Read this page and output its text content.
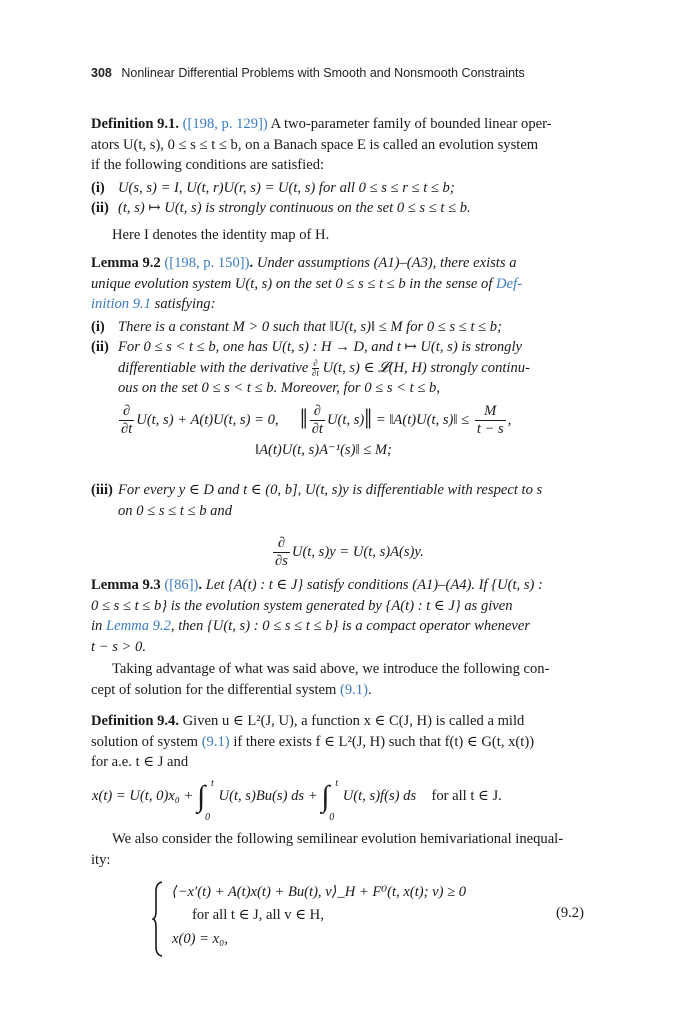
308 Nonlinear Differential Problems with Smooth and Nonsmooth Constraints
Definition 9.1. ([198, p. 129]) A two-parameter family of bounded linear oper-
ators U(t, s), 0 ≤ s ≤ t ≤ b, on a Banach space E is called an evolution system
if the following conditions are satisfied:
(i) U(s, s) = I, U(t, r)U(r, s) = U(t, s) for all 0 ≤ s ≤ r ≤ t ≤ b;
(ii) (t, s) ↦ U(t, s) is strongly continuous on the set 0 ≤ s ≤ t ≤ b.
Here I denotes the identity map of H.
Lemma 9.2 ([198, p. 150]). Under assumptions (A1)–(A3), there exists a
unique evolution system U(t, s) on the set 0 ≤ s ≤ t ≤ b in the sense of Def-
inition 9.1 satisfying:
(i) There is a constant M > 0 such that ‖U(t, s)‖ ≤ M for 0 ≤ s ≤ t ≤ b;
(ii) For 0 ≤ s < t ≤ b, one has U(t, s) : H → D, and t ↦ U(t, s) is strongly
differentiable with the derivative ∂
∂t U(t, s) ∈ 𝓛(H, H) strongly continu-
ous on the set 0 ≤ s < t ≤ b. Moreover, for 0 ≤ s < t ≤ b,
$\frac{\partial}{\partial t} U(t$, s) + A(t)U(t, s) = 0, ‖ $\frac{\partial}{\partial t} U(t$, s)‖ = ‖A(t)U(t, s)‖ ≤ $\frac{M}{t - s}$ ,
‖A(t)U(t, s)A⁻¹(s)‖ ≤ M;
(iii) For every y ∈ D and t ∈ (0, b], U(t, s)y is differentiable with respect to s
on 0 ≤ s ≤ t ≤ b and
$\frac{\partial}{\partial s} U(t$, s)y = U(t, s)A(s)y.
Lemma 9.3 ([86]). Let {A(t) : t ∈ J} satisfy conditions (A1)–(A4). If {U(t, s) :
0 ≤ s ≤ t ≤ b} is the evolution system generated by {A(t) : t ∈ J} as given
in Lemma 9.2, then {U(t, s) : 0 ≤ s ≤ t ≤ b} is a compact operator whenever
t − s > 0.
Taking advantage of what was said above, we introduce the following con-
cept of solution for the differential system (9.1).
Definition 9.4. Given u ∈ L²(J, U), a function x ∈ C(J, H) is called a mild
solution of system (9.1) if there exists f ∈ L²(J, H) such that f(t) ∈ G(t, x(t))
for a.e. t ∈ J and
x(t) = U(t, 0)x₀ + ∫ t
0
U(t, s)Bu(s) ds + ∫ t
0
U(t, s)f(s) ds for all t ∈ J.
We also consider the following semilinear evolution hemivariational inequal-
ity:
⟨−x′(t) + A(t)x(t) + Bu(t), v⟩_H + F⁰(t, x(t); v) ≥ 0
for all t ∈ J, all v ∈ H,
x(0) = x₀,
(9.2)
